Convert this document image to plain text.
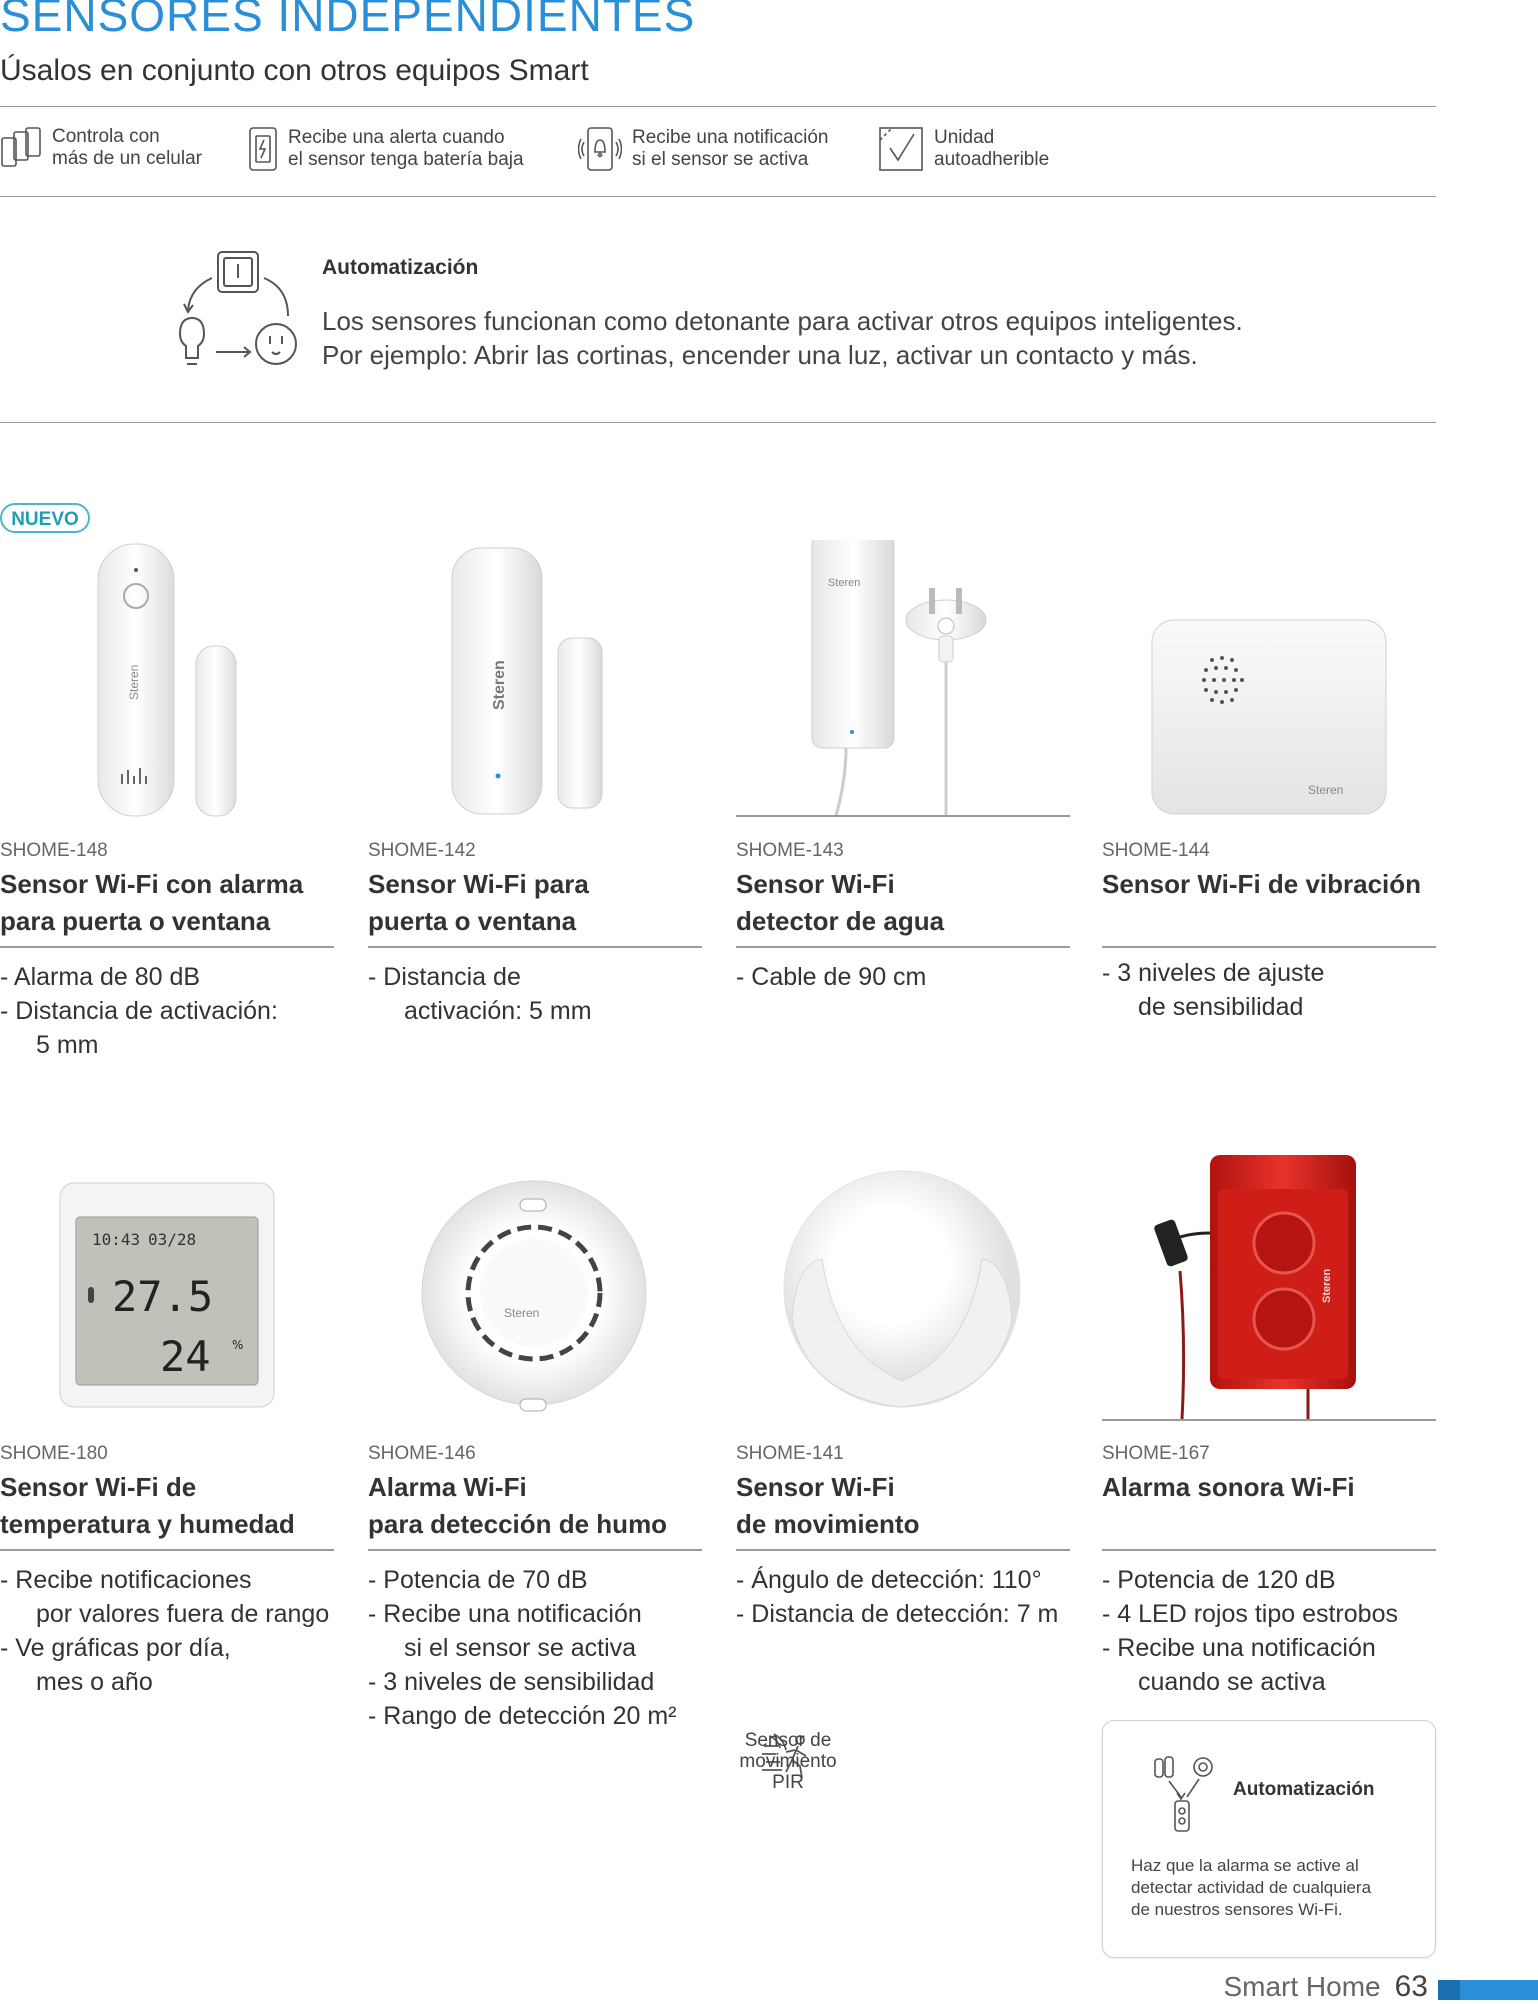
SENSORES INDEPENDIENTES
Úsalos en conjunto con otros equipos Smart
Controla con
más de un celular
Recibe una alerta cuando
el sensor tenga batería baja
Recibe una notificación
si el sensor se activa
Unidad
autoadherible
Automatización
Los sensores funcionan como detonante para activar otros equipos inteligentes.
Por ejemplo: Abrir las cortinas, encender una luz, activar un contacto y más.
NUEVO
Steren
SHOME-148
Sensor Wi-Fi con alarma
para puerta o ventana
- Alarma de 80 dB
- Distancia de activación:
5 mm
Steren
SHOME-142
Sensor Wi-Fi para
puerta o ventana
- Distancia de
activación: 5 mm
Steren
SHOME-143
Sensor Wi-Fi
detector de agua
- Cable de 90 cm
Steren
SHOME-144
Sensor Wi-Fi de vibración
- 3 niveles de ajuste
de sensibilidad
10:43 03/28
27.5
24 %
SHOME-180
Sensor Wi-Fi de
temperatura y humedad
- Recibe notificaciones
por valores fuera de rango
- Ve gráficas por día,
mes o año
Steren
SHOME-146
Alarma Wi-Fi
para detección de humo
- Potencia de 70 dB
- Recibe una notificación
si el sensor se activa
- 3 niveles de sensibilidad
- Rango de detección 20 m²
SHOME-141
Sensor Wi-Fi
de movimiento
- Ángulo de detección: 110°
- Distancia de detección: 7 m
Steren
SHOME-167
Alarma sonora Wi-Fi
- Potencia de 120 dB
- 4 LED rojos tipo estrobos
- Recibe una notificación
cuando se activa
Sensor de
movimiento
PIR	Automatización
Haz que la alarma se active al
detectar actividad de cualquiera
de nuestros sensores Wi-Fi.
Smart Home 63
